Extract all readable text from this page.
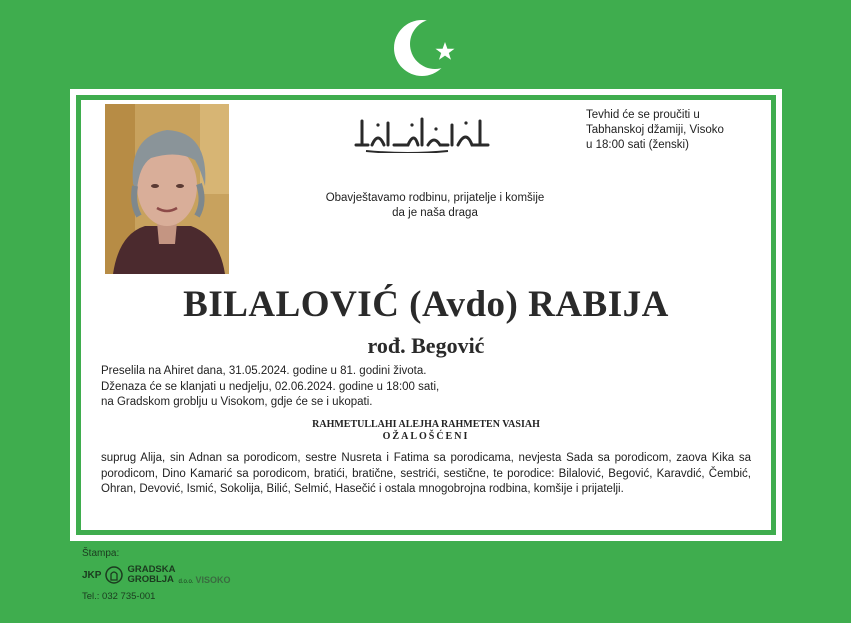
Tevhid će se proučiti u
Tabhanskoj džamiji, Visoko
u 18:00 sati (ženski)
Obavještavamo rodbinu, prijatelje i komšije
da je naša draga
BILALOVIĆ (Avdo) RABIJA
rođ. Begović
Preselila na Ahiret dana, 31.05.2024. godine u 81. godini života.
Dženaza će se klanjati u nedjelju, 02.06.2024. godine u 18:00 sati,
na Gradskom groblju u Visokom, gdje će se i ukopati.
RAHMETULLAHI ALEJHA RAHMETEN VASIAH
OŽALOŠĆENI
suprug Alija, sin Adnan sa porodicom, sestre Nusreta i Fatima sa porodicama, nevjesta Sada sa porodicom, zaova Kika sa porodicom, Dino Kamarić sa porodicom, bratići, bratične, sestrići, sestične, te porodice: Bilalović, Begović, Karavdić, Čembić, Ohran, Devović, Ismić, Sokolija, Bilić, Selmić, Hasečić i ostala mnogobrojna rodbina, komšije i prijatelji.
Štampa:
JKP	GRADSKA
GROBLJA d.o.o. VISOKO
Tel.: 032 735-001
